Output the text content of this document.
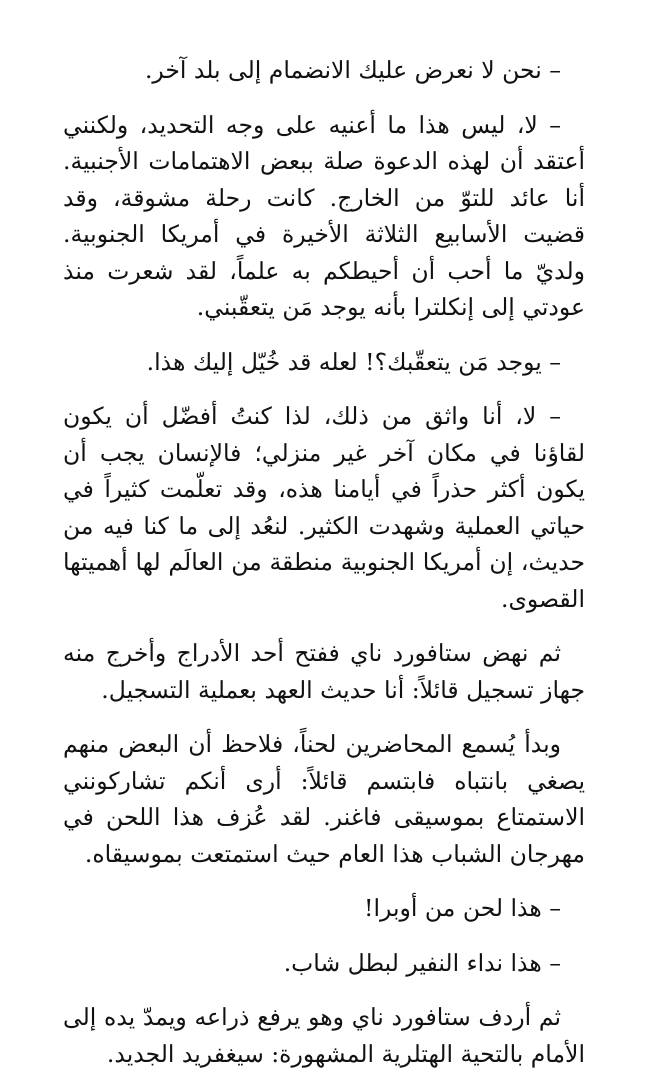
– نحن لا نعرض عليك الانضمام إلى بلد آخر.

– لا، ليس هذا ما أعنيه على وجه التحديد، ولكنني أعتقد أن لهذه الدعوة صلة ببعض الاهتمامات الأجنبية. أنا عائد للتوّ من الخارج. كانت رحلة مشوقة، وقد قضيت الأسابيع الثلاثة الأخيرة في أمريكا الجنوبية. ولديّ ما أحب أن أحيطكم به علماً، لقد شعرت منذ عودتي إلى إنكلترا بأنه يوجد مَن يتعقّبني.

– يوجد مَن يتعقّبك؟! لعله قد خُيّل إليك هذا.

– لا، أنا واثق من ذلك، لذا كنتُ أفضّل أن يكون لقاؤنا في مكان آخر غير منزلي؛ فالإنسان يجب أن يكون أكثر حذراً في أيامنا هذه، وقد تعلّمت كثيراً في حياتي العملية وشهدت الكثير. لنعُد إلى ما كنا فيه من حديث، إن أمريكا الجنوبية منطقة من العالَم لها أهميتها القصوى.

ثم نهض ستافورد ناي ففتح أحد الأدراج وأخرج منه جهاز تسجيل قائلاً: أنا حديث العهد بعملية التسجيل.

وبدأ يُسمع المحاضرين لحناً، فلاحظ أن البعض منهم يصغي بانتباه فابتسم قائلاً: أرى أنكم تشاركونني الاستمتاع بموسيقى فاغنر. لقد عُزف هذا اللحن في مهرجان الشباب هذا العام حيث استمتعت بموسيقاه.

– هذا لحن من أوبرا!

– هذا نداء النفير لبطل شاب.

ثم أردف ستافورد ناي وهو يرفع ذراعه ويمدّ يده إلى الأمام بالتحية الهتلرية المشهورة: سيغفريد الجديد.
